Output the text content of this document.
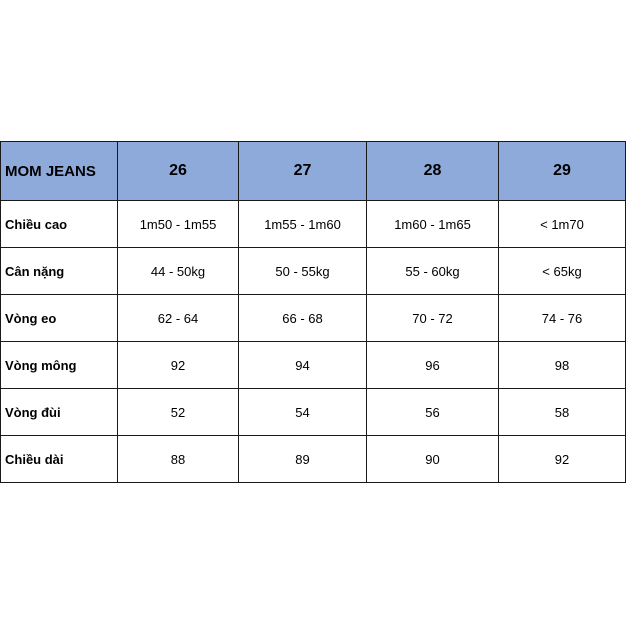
MOM JEANS	26	27	28	29
Chiều cao	1m50 - 1m55	1m55 - 1m60	1m60 - 1m65	< 1m70
Cân nặng	44 - 50kg	50 - 55kg	55 - 60kg	< 65kg
Vòng eo	62 - 64	66 - 68	70 - 72	74 - 76
Vòng mông	92	94	96	98
Vòng đùi	52	54	56	58
Chiều dài	88	89	90	92
